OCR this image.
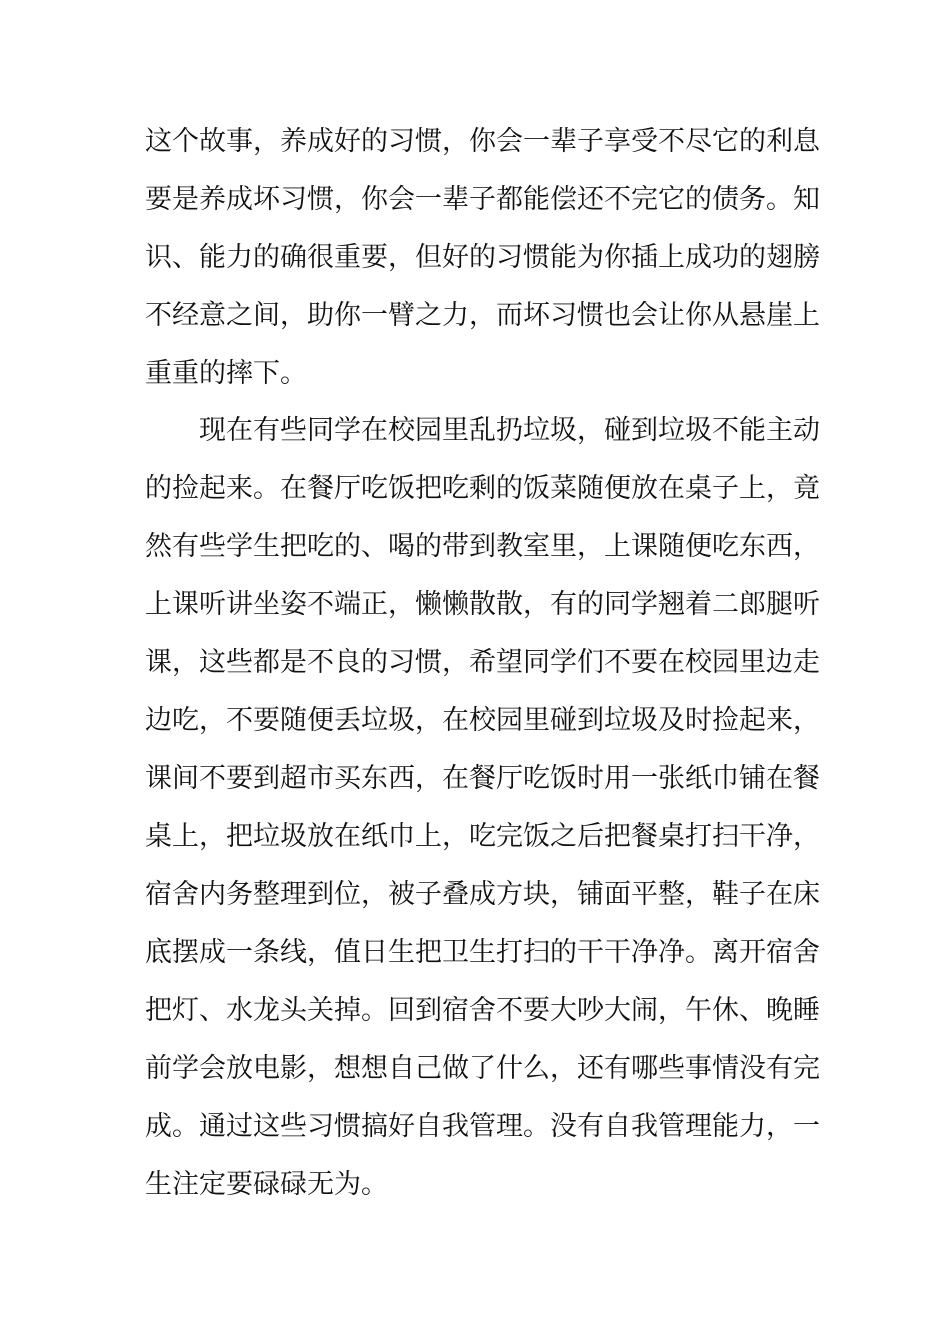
这个故事，养成好的习惯，你会一辈子享受不尽它的利息
要是养成坏习惯，你会一辈子都能偿还不完它的债务。知
识、能力的确很重要，但好的习惯能为你插上成功的翅膀
不经意之间，助你一臂之力，而坏习惯也会让你从悬崖上
重重的摔下。
　　现在有些同学在校园里乱扔垃圾，碰到垃圾不能主动
的捡起来。在餐厅吃饭把吃剩的饭菜随便放在桌子上，竟
然有些学生把吃的、喝的带到教室里，上课随便吃东西，
上课听讲坐姿不端正，懒懒散散，有的同学翘着二郎腿听
课，这些都是不良的习惯，希望同学们不要在校园里边走
边吃，不要随便丢垃圾，在校园里碰到垃圾及时捡起来，
课间不要到超市买东西，在餐厅吃饭时用一张纸巾铺在餐
桌上，把垃圾放在纸巾上，吃完饭之后把餐桌打扫干净，
宿舍内务整理到位，被子叠成方块，铺面平整，鞋子在床
底摆成一条线，值日生把卫生打扫的干干净净。离开宿舍
把灯、水龙头关掉。回到宿舍不要大吵大闹，午休、晚睡
前学会放电影，想想自己做了什么，还有哪些事情没有完
成。通过这些习惯搞好自我管理。没有自我管理能力，一
生注定要碌碌无为。
